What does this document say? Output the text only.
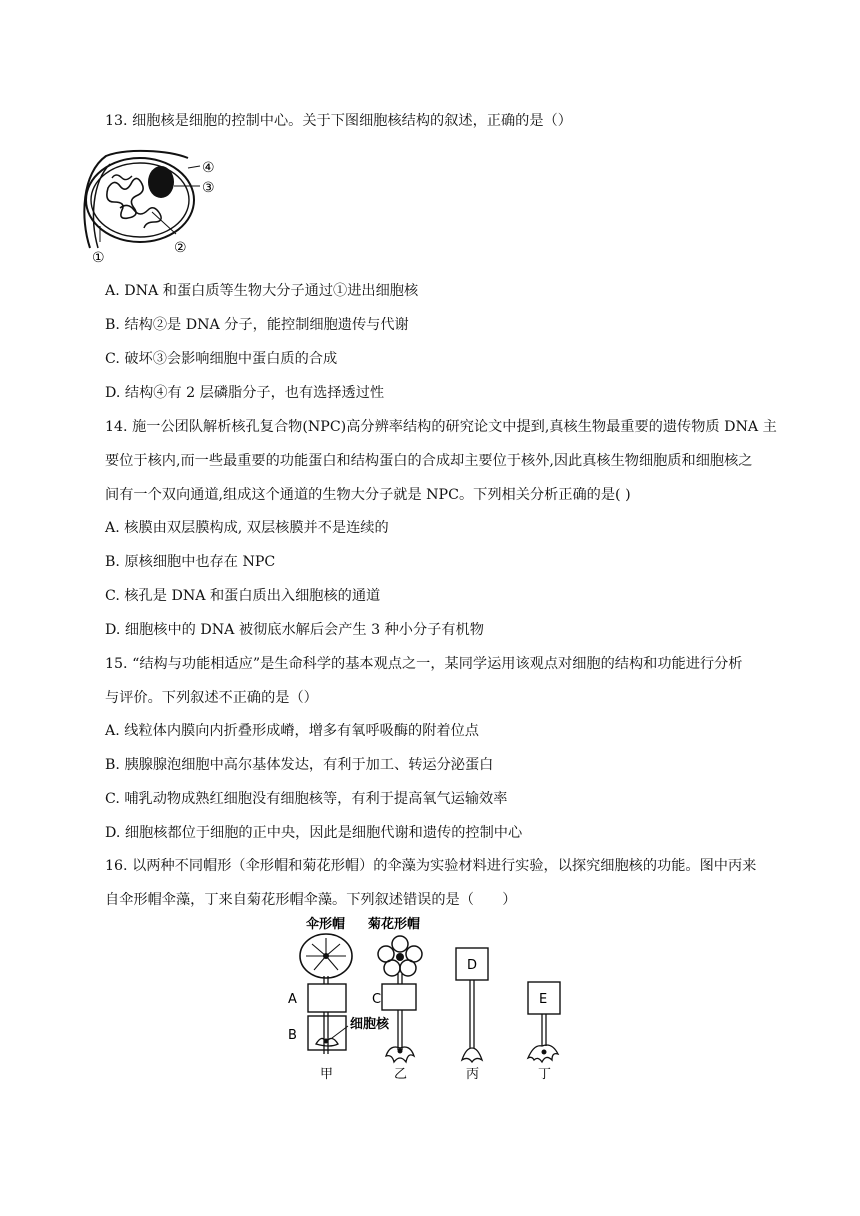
13. 细胞核是细胞的控制中心。关于下图细胞核结构的叙述，正确的是（）
④
③
②
①
A. DNA 和蛋白质等生物大分子通过①进出细胞核
B. 结构②是 DNA 分子，能控制细胞遗传与代谢
C. 破坏③会影响细胞中蛋白质的合成
D. 结构④有 2 层磷脂分子，也有选择透过性
14. 施一公团队解析核孔复合物(NPC)高分辨率结构的研究论文中提到,真核生物最重要的遗传物质 DNA 主
要位于核内,而一些最重要的功能蛋白和结构蛋白的合成却主要位于核外,因此真核生物细胞质和细胞核之
间有一个双向通道,组成这个通道的生物大分子就是 NPC。下列相关分析正确的是( )
A. 核膜由双层膜构成, 双层核膜并不是连续的
B. 原核细胞中也存在 NPC
C. 核孔是 DNA 和蛋白质出入细胞核的通道
D. 细胞核中的 DNA 被彻底水解后会产生 3 种小分子有机物
15. “结构与功能相适应”是生命科学的基本观点之一，某同学运用该观点对细胞的结构和功能进行分析
与评价。下列叙述不正确的是（）
A. 线粒体内膜向内折叠形成嵴，增多有氧呼吸酶的附着位点
B. 胰腺腺泡细胞中高尔基体发达，有利于加工、转运分泌蛋白
C. 哺乳动物成熟红细胞没有细胞核等，有利于提高氧气运输效率
D. 细胞核都位于细胞的正中央，因此是细胞代谢和遗传的控制中心
16. 以两种不同帽形（伞形帽和菊花形帽）的伞藻为实验材料进行实验，以探究细胞核的功能。图中丙来
自伞形帽伞藻，丁来自菊花形帽伞藻。下列叙述错误的是（　　）
伞形帽 菊花形帽
A
B
细胞核
C
D
E
甲	乙	丙	丁
